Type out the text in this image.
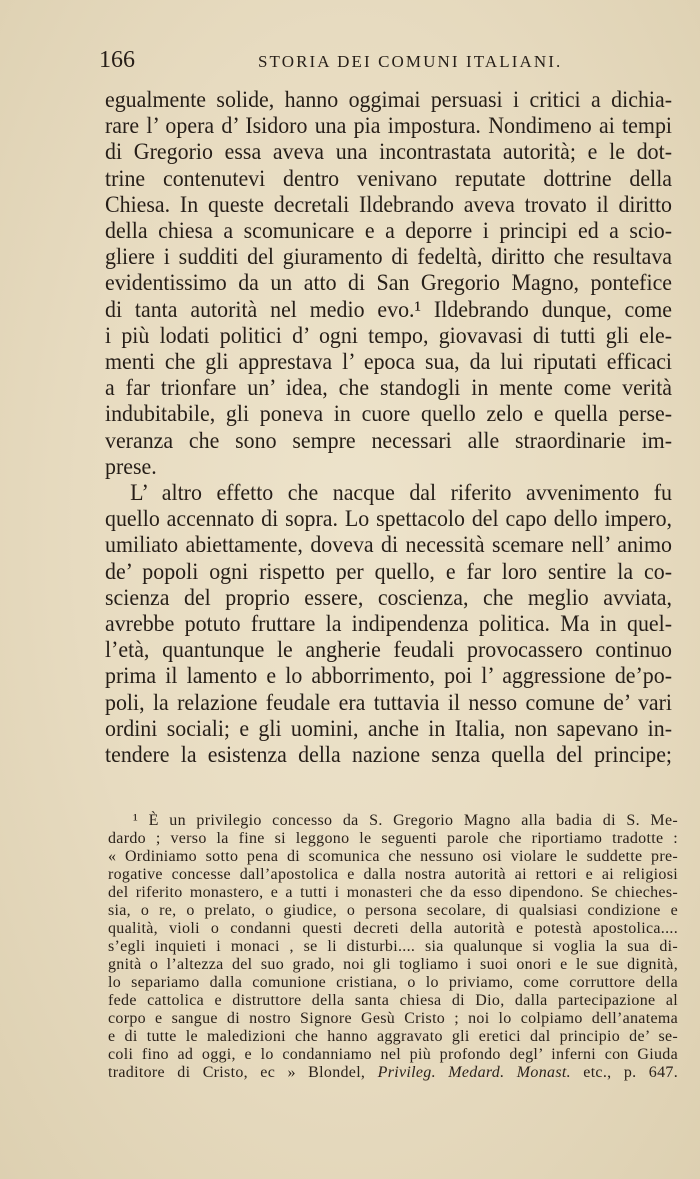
166	STORIA DEI COMUNI ITALIANI.
egualmente solide, hanno oggimai persuasi i critici a dichia-
rare l’ opera d’ Isidoro una pia impostura. Nondimeno ai tempi
di Gregorio essa aveva una incontrastata autorità; e le dot-
trine contenutevi dentro venivano reputate dottrine della
Chiesa. In queste decretali Ildebrando aveva trovato il diritto
della chiesa a scomunicare e a deporre i principi ed a scio-
gliere i sudditi del giuramento di fedeltà, diritto che resultava
evidentissimo da un atto di San Gregorio Magno, pontefice
di tanta autorità nel medio evo.¹ Ildebrando dunque, come
i più lodati politici d’ ogni tempo, giovavasi di tutti gli ele-
menti che gli apprestava l’ epoca sua, da lui riputati efficaci
a far trionfare un’ idea, che standogli in mente come verità
indubitabile, gli poneva in cuore quello zelo e quella perse-
veranza che sono sempre necessari alle straordinarie im-
prese.
L’ altro effetto che nacque dal riferito avvenimento fu
quello accennato di sopra. Lo spettacolo del capo dello impero,
umiliato abiettamente, doveva di necessità scemare nell’ animo
de’ popoli ogni rispetto per quello, e far loro sentire la co-
scienza del proprio essere, coscienza, che meglio avviata,
avrebbe potuto fruttare la indipendenza politica. Ma in quel-
l’età, quantunque le angherie feudali provocassero continuo
prima il lamento e lo abborrimento, poi l’ aggressione de’po-
poli, la relazione feudale era tuttavia il nesso comune de’ vari
ordini sociali; e gli uomini, anche in Italia, non sapevano in-
tendere la esistenza della nazione senza quella del principe;
¹ È un privilegio concesso da S. Gregorio Magno alla badia di S. Me-
dardo ; verso la fine si leggono le seguenti parole che riportiamo tradotte :
« Ordiniamo sotto pena di scomunica che nessuno osi violare le suddette pre-
rogative concesse dall’apostolica e dalla nostra autorità ai rettori e ai religiosi
del riferito monastero, e a tutti i monasteri che da esso dipendono. Se chieches-
sia, o re, o prelato, o giudice, o persona secolare, di qualsiasi condizione e
qualità, violi o condanni questi decreti della autorità e potestà apostolica....
s’egli inquieti i monaci , se li disturbi.... sia qualunque si voglia la sua di-
gnità o l’altezza del suo grado, noi gli togliamo i suoi onori e le sue dignità,
lo separiamo dalla comunione cristiana, o lo priviamo, come corruttore della
fede cattolica e distruttore della santa chiesa di Dio, dalla partecipazione al
corpo e sangue di nostro Signore Gesù Cristo ; noi lo colpiamo dell’anatema
e di tutte le maledizioni che hanno aggravato gli eretici dal principio de’ se-
coli fino ad oggi, e lo condanniamo nel più profondo degl’ inferni con Giuda
traditore di Cristo, ec » Blondel, Privileg. Medard. Monast. etc., p. 647.
